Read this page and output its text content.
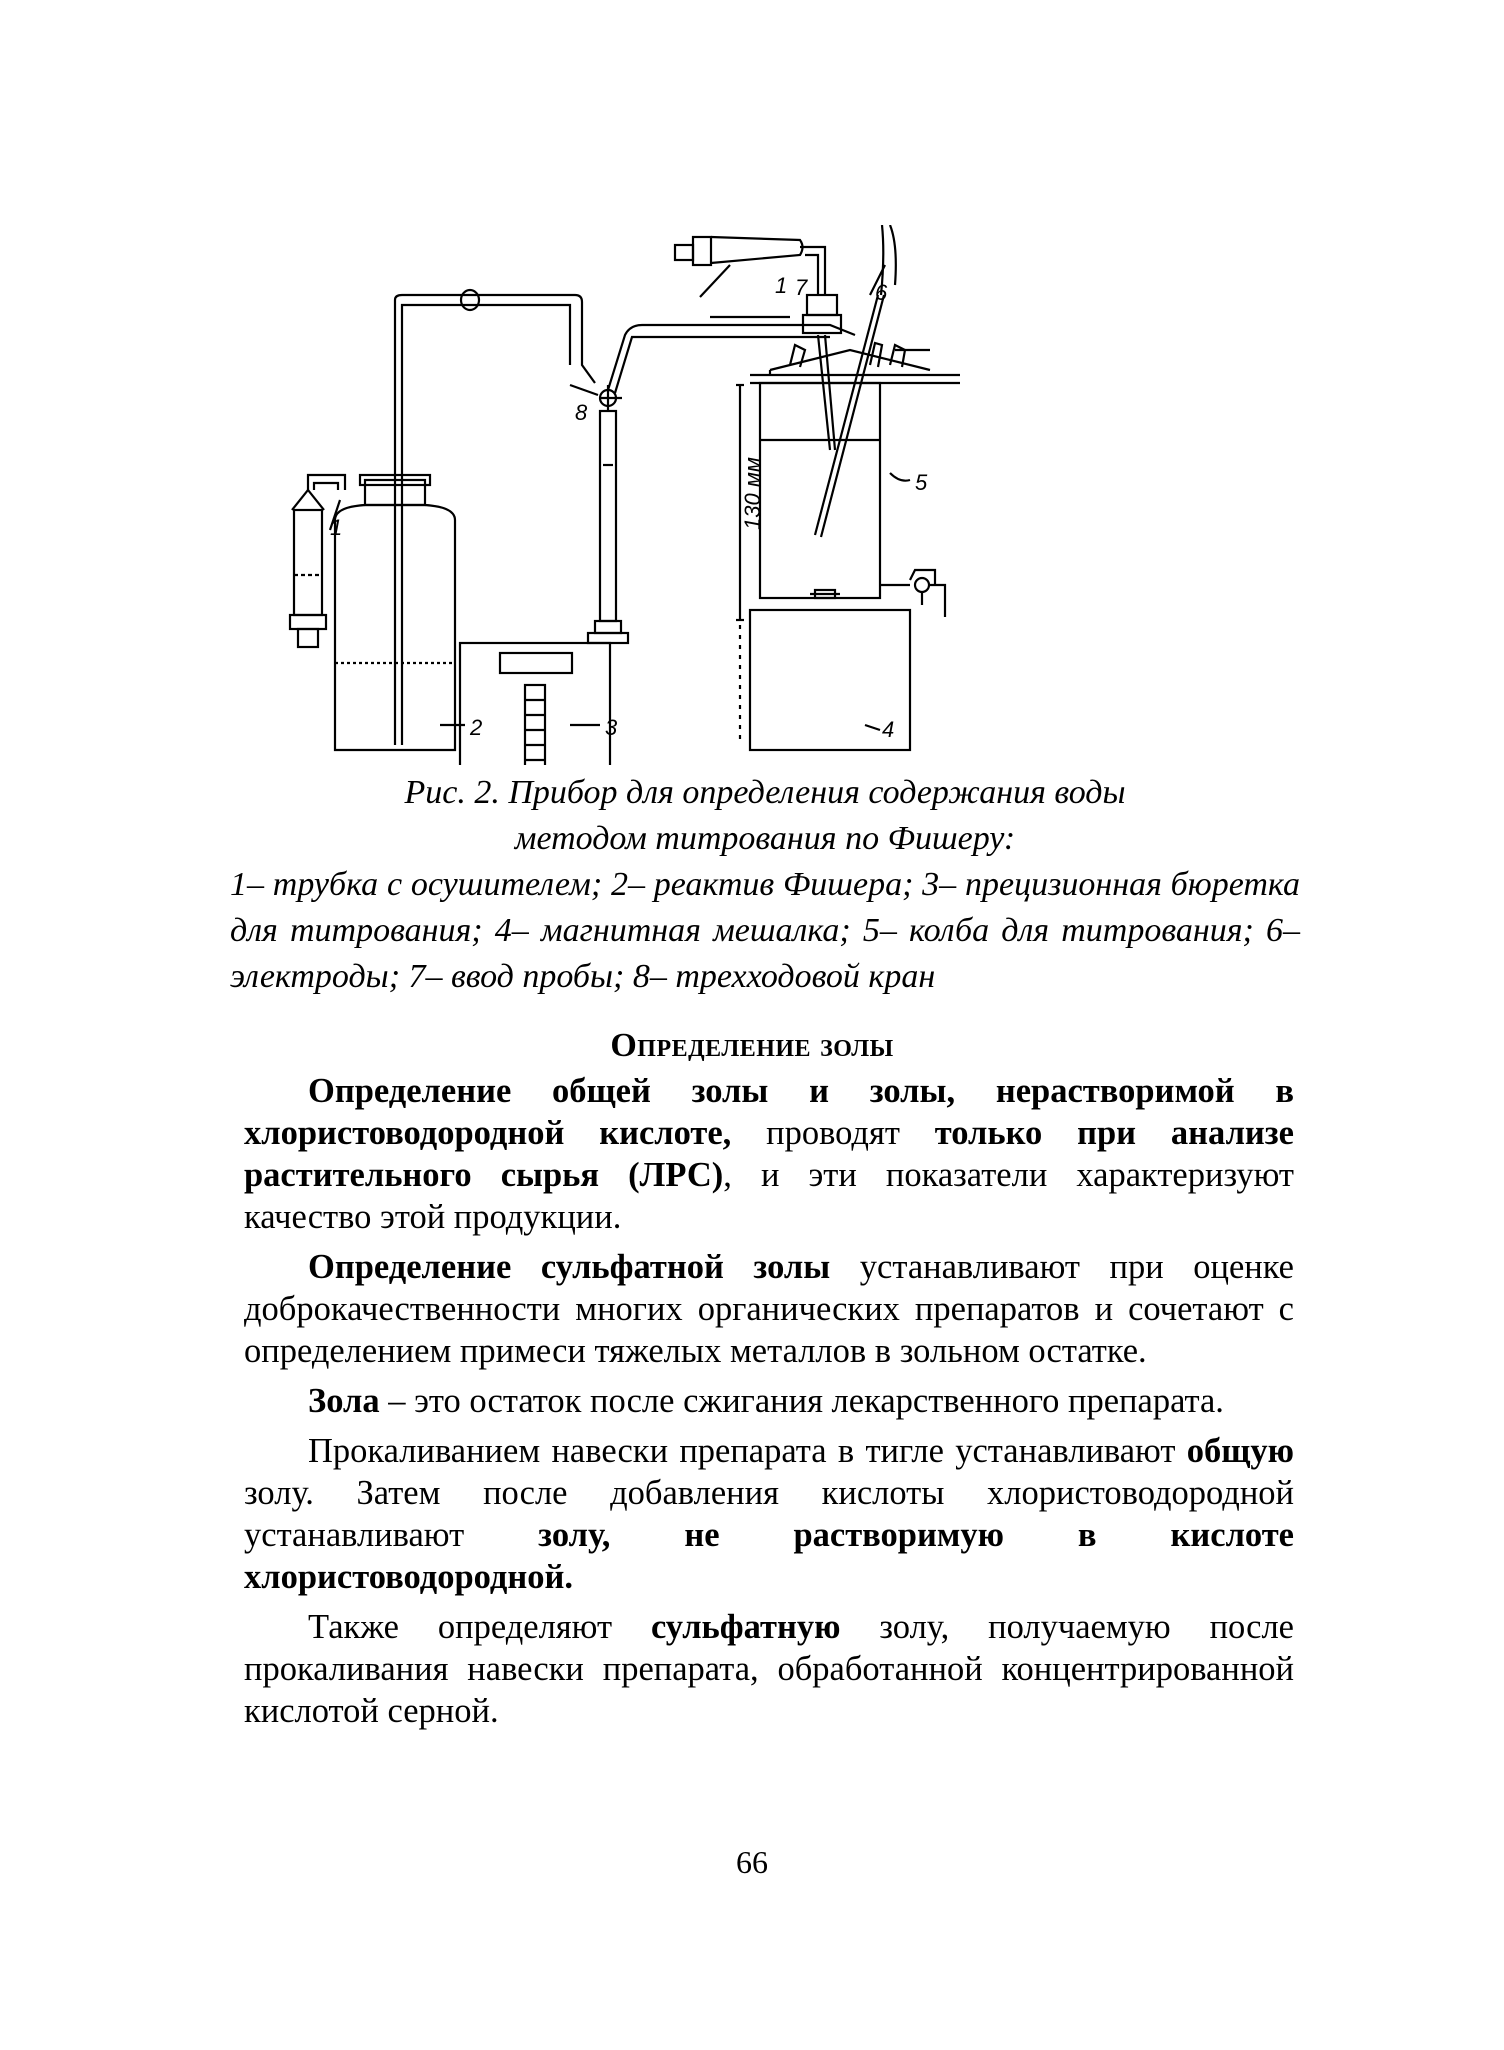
1
1 7	6
8
5
2	3	4
130 мм
Рис. 2. Прибор для определения содержания воды
методом титрования по Фишеру:
1– трубка с осушителем; 2– реактив Фишера; 3– прецизионная бюретка для титрования; 4– магнитная мешалка; 5– колба для титрования; 6– электроды; 7– ввод пробы; 8– трехходовой кран
Определение золы

Определение общей золы и золы, нерастворимой в хлористоводородной кислоте, проводят только при анализе растительного сырья (ЛРС), и эти показатели характеризуют качество этой продукции.

Определение сульфатной золы устанавливают при оценке доброкачественности многих органических препаратов и сочетают с определением примеси тяжелых металлов в зольном остатке.

Зола – это остаток после сжигания лекарственного препарата.

Прокаливанием навески препарата в тигле устанавливают общую золу. Затем после добавления кислоты хлористоводородной устанавливают золу, не растворимую в кислоте хлористоводородной.

Также определяют сульфатную золу, получаемую после прокаливания навески препарата, обработанной концентрированной кислотой серной.

66
